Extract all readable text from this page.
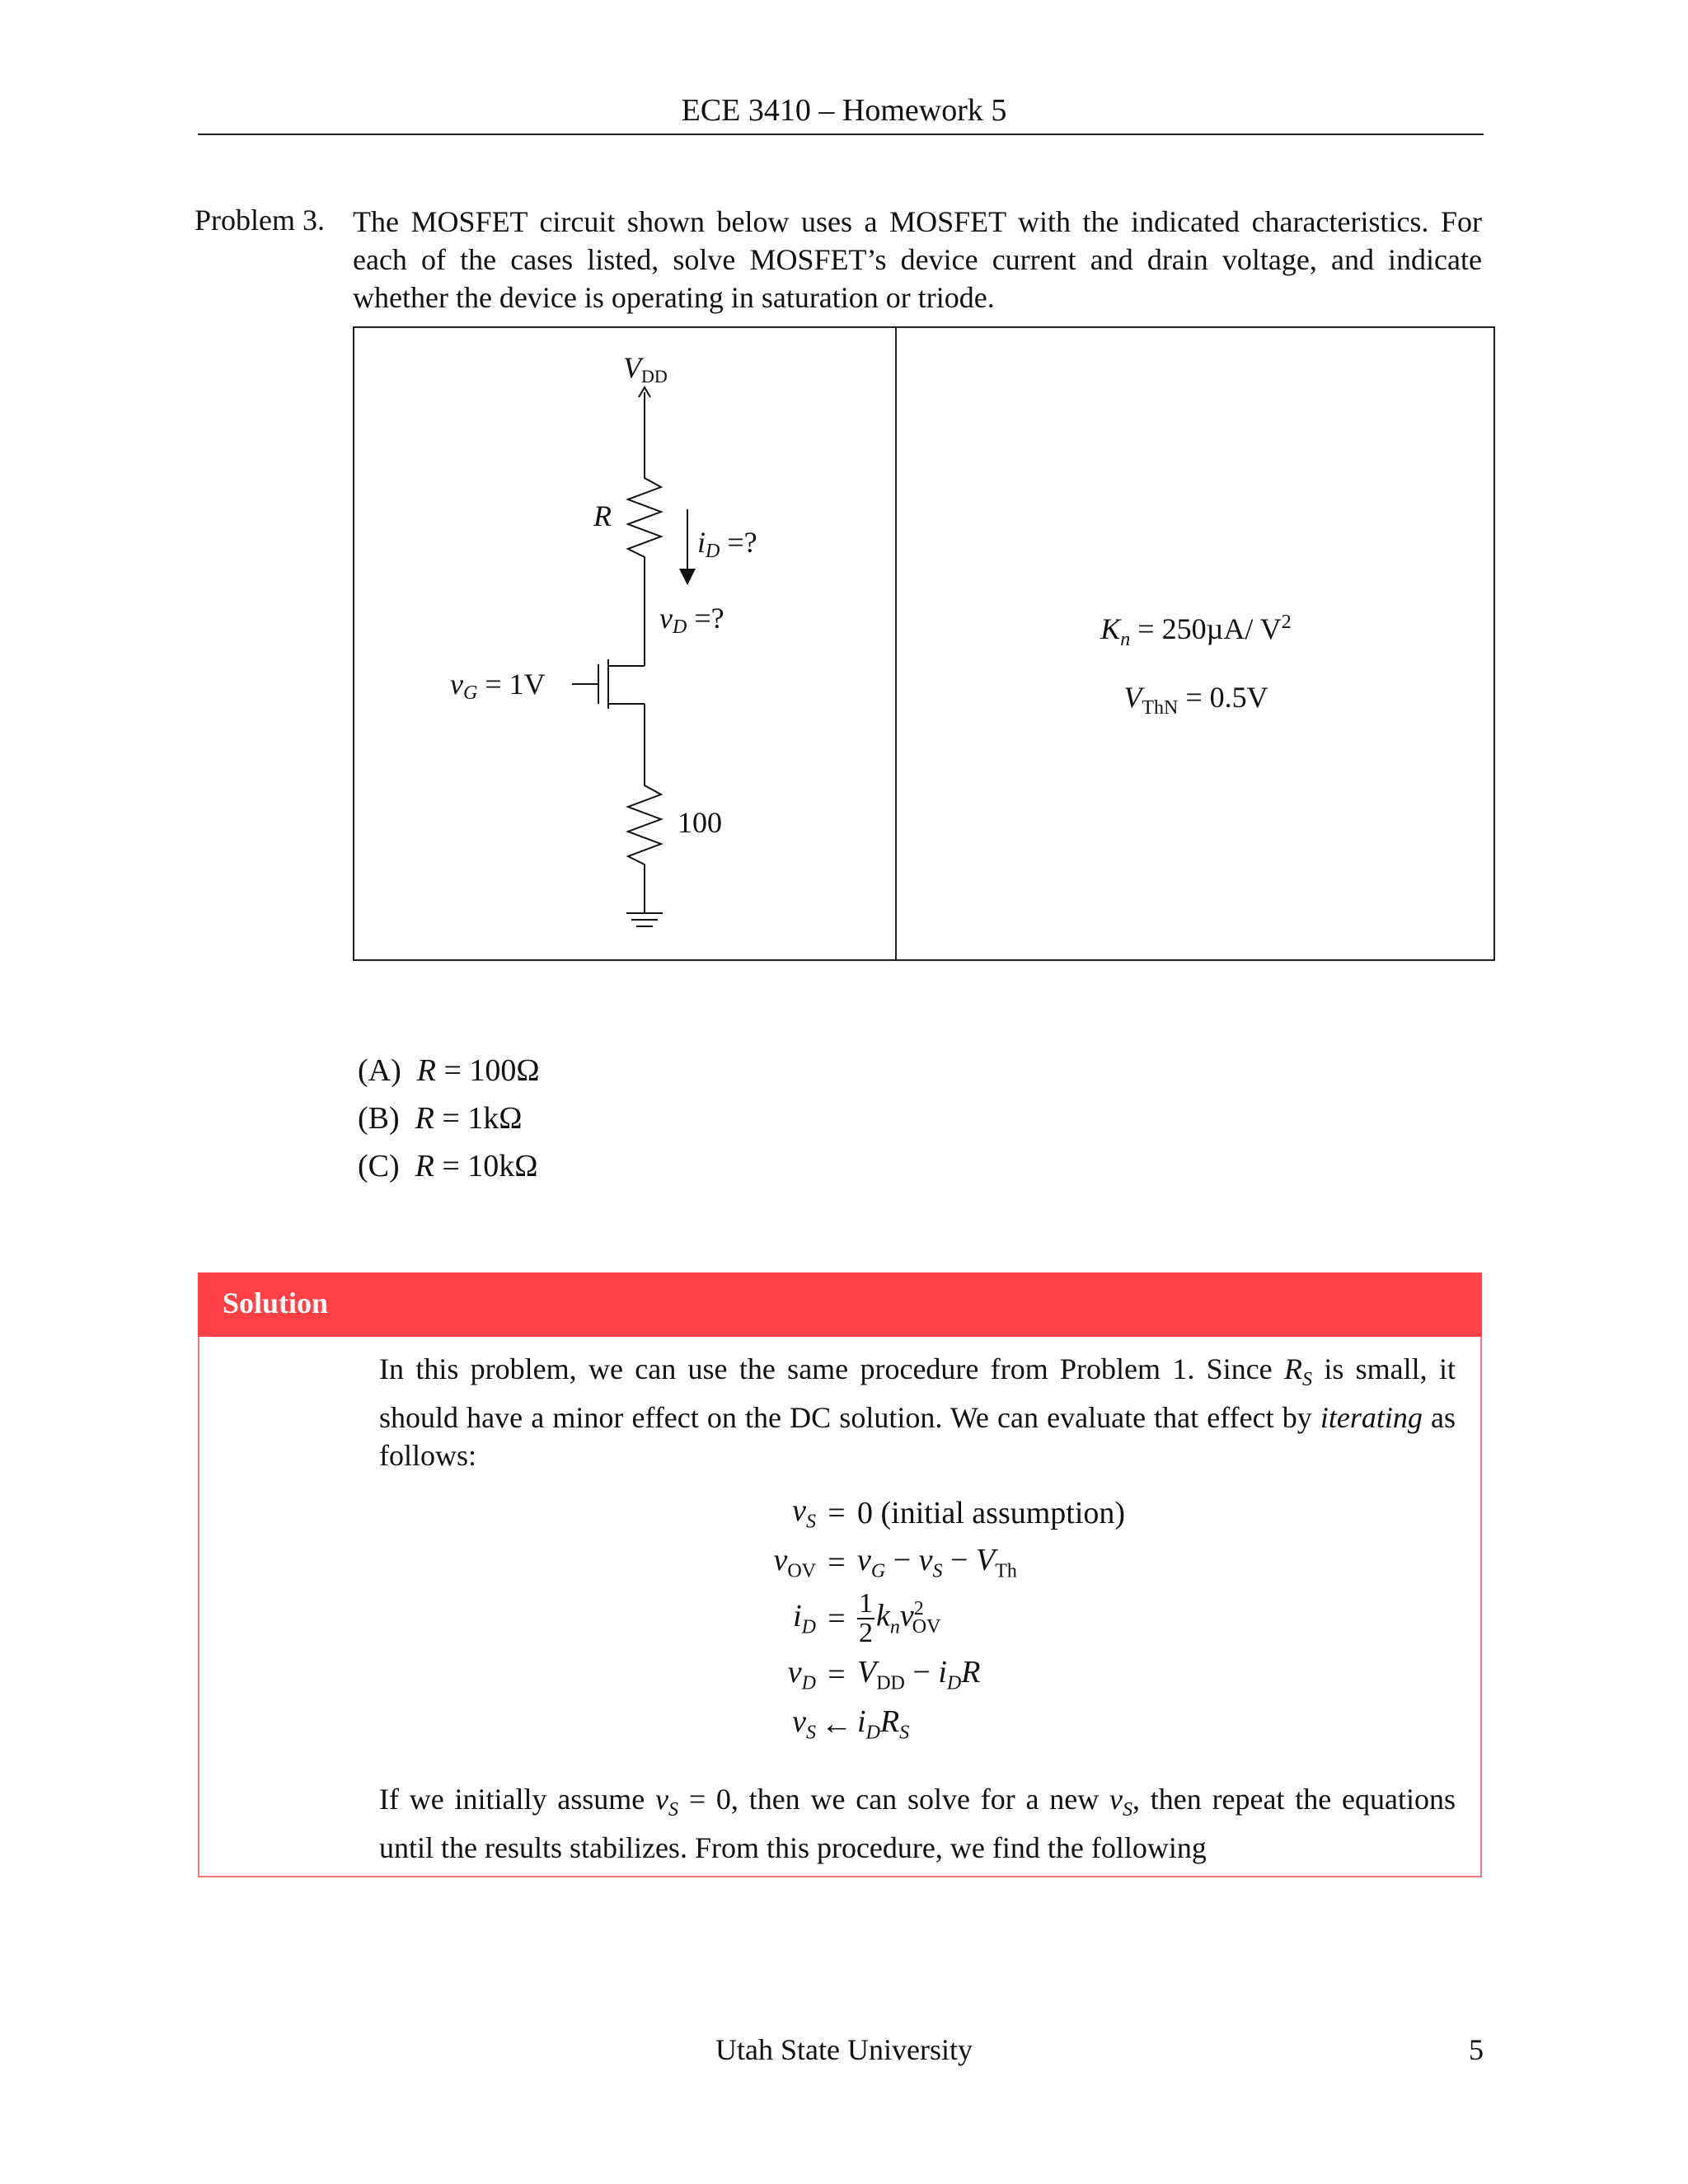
ECE 3410 – Homework 5
Problem 3. The MOSFET circuit shown below uses a MOSFET with the indicated characteristics. For each of the cases listed, solve MOSFET’s device current and drain voltage, and indicate whether the device is operating in saturation or triode.
VDD
R
iD =?
vD =?
vG = 1V
100
$K_n = 250\mu A/$ $V^2$
$V_{ThN} = 0.5V$
(A) R = 100Ω
(B) R = 1kΩ
(C) R = 10kΩ
Solution
In this problem, we can use the same procedure from Problem 1. Since $R_S$ is small, it should have a minor effect on the DC solution. We can evaluate that effect by iterating as follows:
$v_S = 0$ (initial assumption)
$v_{OV} = v_G - v_S - V_{Th}$
$i_D = \frac{1}{2} k_nv^2_{OV}$
$v_D = V_{DD} - i_DR$
$v_S$ ← $i_DR_S$
If we initially assume $v_S = 0$, then we can solve for a new $v_S$, then repeat the equations until the results stabilizes. From this procedure, we find the following
Utah State University	5
